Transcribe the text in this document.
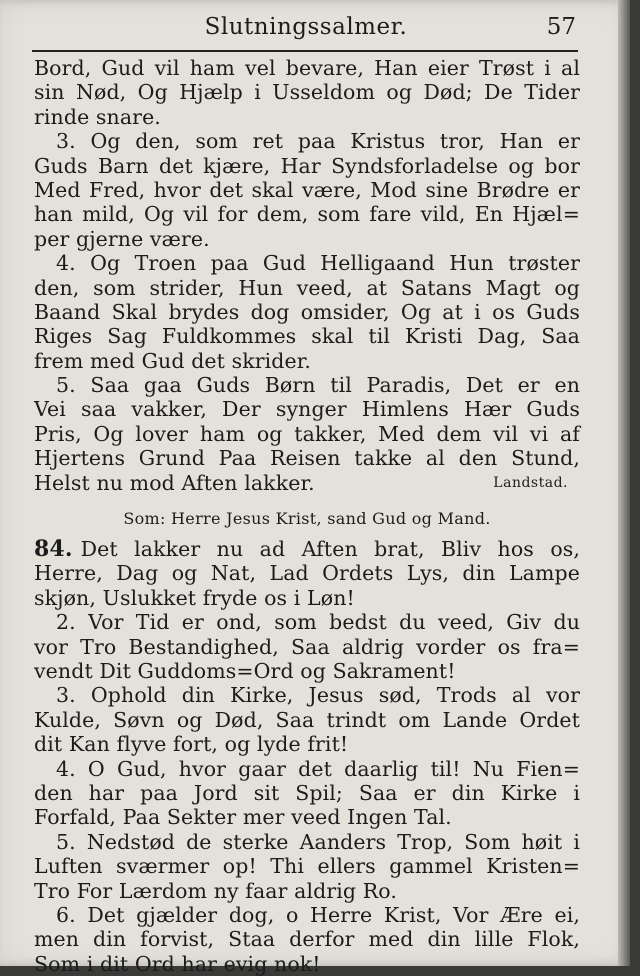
Slutningssalmer.	57
Bord, Gud vil ham vel bevare, Han eier Trøst i al
sin Nød, Og Hjælp i Usseldom og Død; De Tider
rinde snare.
3. Og den, som ret paa Kristus tror, Han er
Guds Barn det kjære, Har Syndsforladelse og bor
Med Fred, hvor det skal være, Mod sine Brødre er
han mild, Og vil for dem, som fare vild, En Hjæl=
per gjerne være.
4. Og Troen paa Gud Helligaand Hun trøster
den, som strider, Hun veed, at Satans Magt og
Baand Skal brydes dog omsider, Og at i os Guds
Riges Sag Fuldkommes skal til Kristi Dag, Saa
frem med Gud det skrider.
5. Saa gaa Guds Børn til Paradis, Det er en
Vei saa vakker, Der synger Himlens Hær Guds
Pris, Og lover ham og takker, Med dem vil vi af
Hjertens Grund Paa Reisen takke al den Stund,
Helst nu mod Aften lakker.	Landstad.
Som: Herre Jesus Krist, sand Gud og Mand.
84. Det lakker nu ad Aften brat, Bliv hos os,
Herre, Dag og Nat, Lad Ordets Lys, din Lampe
skjøn, Uslukket fryde os i Løn!
2. Vor Tid er ond, som bedst du veed, Giv du
vor Tro Bestandighed, Saa aldrig vorder os fra=
vendt Dit Guddoms=Ord og Sakrament!
3. Ophold din Kirke, Jesus sød, Trods al vor
Kulde, Søvn og Død, Saa trindt om Lande Ordet
dit Kan flyve fort, og lyde frit!
4. O Gud, hvor gaar det daarlig til! Nu Fien=
den har paa Jord sit Spil; Saa er din Kirke i
Forfald, Paa Sekter mer veed Ingen Tal.
5. Nedstød de sterke Aanders Trop, Som høit i
Luften sværmer op! Thi ellers gammel Kristen=
Tro For Lærdom ny faar aldrig Ro.
6. Det gjælder dog, o Herre Krist, Vor Ære ei,
men din forvist, Staa derfor med din lille Flok,
Som i dit Ord har evig nok!
